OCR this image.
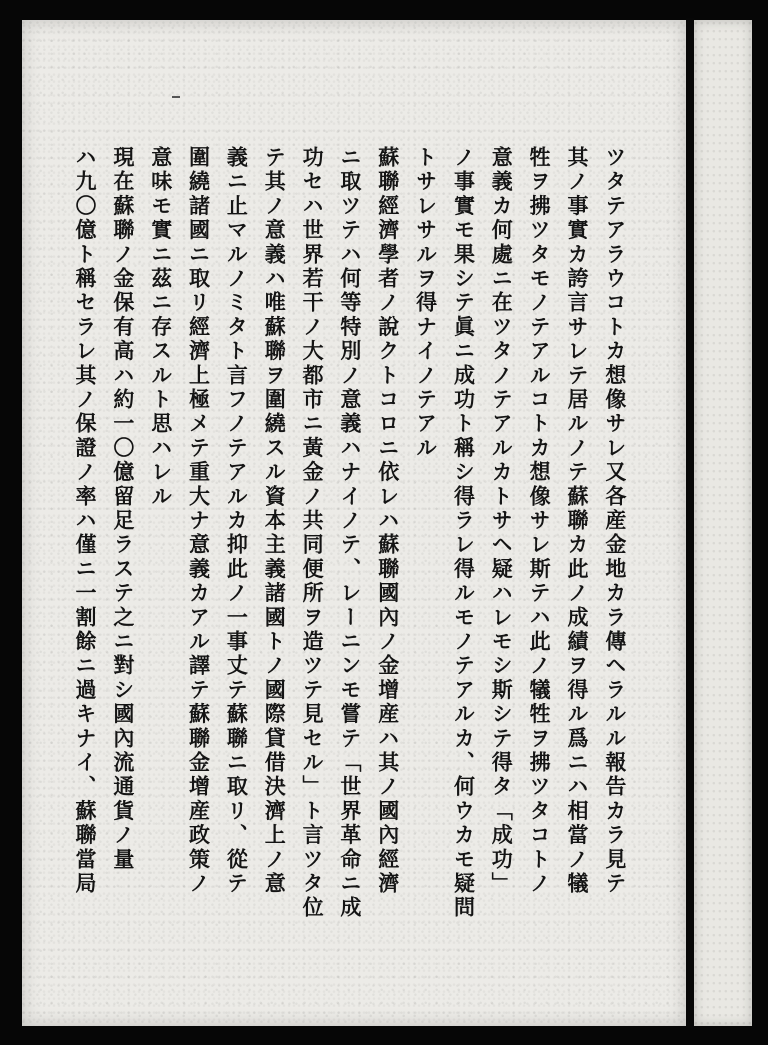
ツタテアラウコトカ想像サレ又各産金地カラ傳ヘラルル報告カラ見テ
其ノ事實カ誇言サレテ居ルノテ蘇聯カ此ノ成績ヲ得ル爲ニハ相當ノ犠
牲ヲ拂ツタモノテアルコトカ想像サレ斯テハ此ノ犠牲ヲ拂ツタコトノ
意義カ何處ニ在ツタノテアルカトサヘ疑ハレモシ斯シテ得タ「成功」
ノ事實モ果シテ眞ニ成功ト稱シ得ラレ得ルモノテアルカ、何ウカモ疑問
トサレサルヲ得ナイノテアル
蘇聯經濟學者ノ說クトコロニ依レハ蘇聯國內ノ金增産ハ其ノ國內經濟
ニ取ツテハ何等特別ノ意義ハナイノテ、レーニンモ嘗テ「世界革命ニ成
功セハ世界若干ノ大都市ニ黃金ノ共同便所ヲ造ツテ見セル」ト言ツタ位
テ其ノ意義ハ唯蘇聯ヲ圍繞スル資本主義諸國トノ國際貸借決濟上ノ意
義ニ止マルノミタト言フノテアルカ抑此ノ一事丈テ蘇聯ニ取リ、從テ
圍繞諸國ニ取リ經濟上極メテ重大ナ意義カアル譯テ蘇聯金增産政策ノ
意味モ實ニ茲ニ存スルト思ハレル
現在蘇聯ノ金保有高ハ約一〇億留足ラステ之ニ對シ國內流通貨ノ量
ハ九〇億ト稱セラレ其ノ保證ノ率ハ僅ニ一割餘ニ過キナイ、蘇聯當局
